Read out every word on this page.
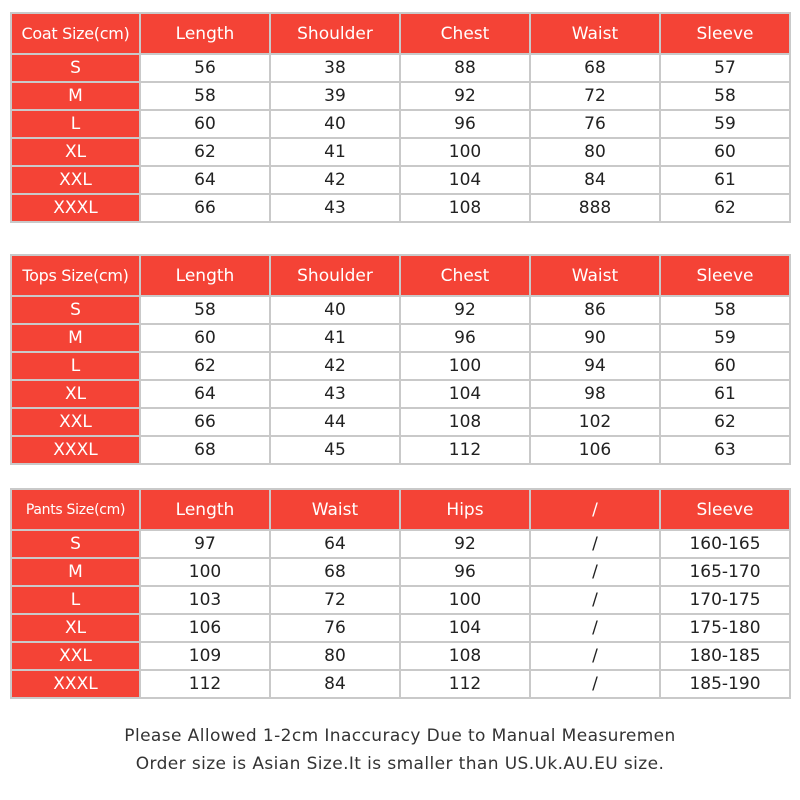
Coat Size(cm)	Length	Shoulder	Chest	Waist	Sleeve
S	56	38	88	68	57
M	58	39	92	72	58
L	60	40	96	76	59
XL	62	41	100	80	60
XXL	64	42	104	84	61
XXXL	66	43	108	888	62
Tops Size(cm)	Length	Shoulder	Chest	Waist	Sleeve
S	58	40	92	86	58
M	60	41	96	90	59
L	62	42	100	94	60
XL	64	43	104	98	61
XXL	66	44	108	102	62
XXXL	68	45	112	106	63
Pants Size(cm)	Length	Waist	Hips	/	Sleeve
S	97	64	92	/	160-165
M	100	68	96	/	165-170
L	103	72	100	/	170-175
XL	106	76	104	/	175-180
XXL	109	80	108	/	180-185
XXXL	112	84	112	/	185-190
Please Allowed 1-2cm Inaccuracy Due to Manual Measuremen
Order size is Asian Size.It is smaller than US.Uk.AU.EU size.
